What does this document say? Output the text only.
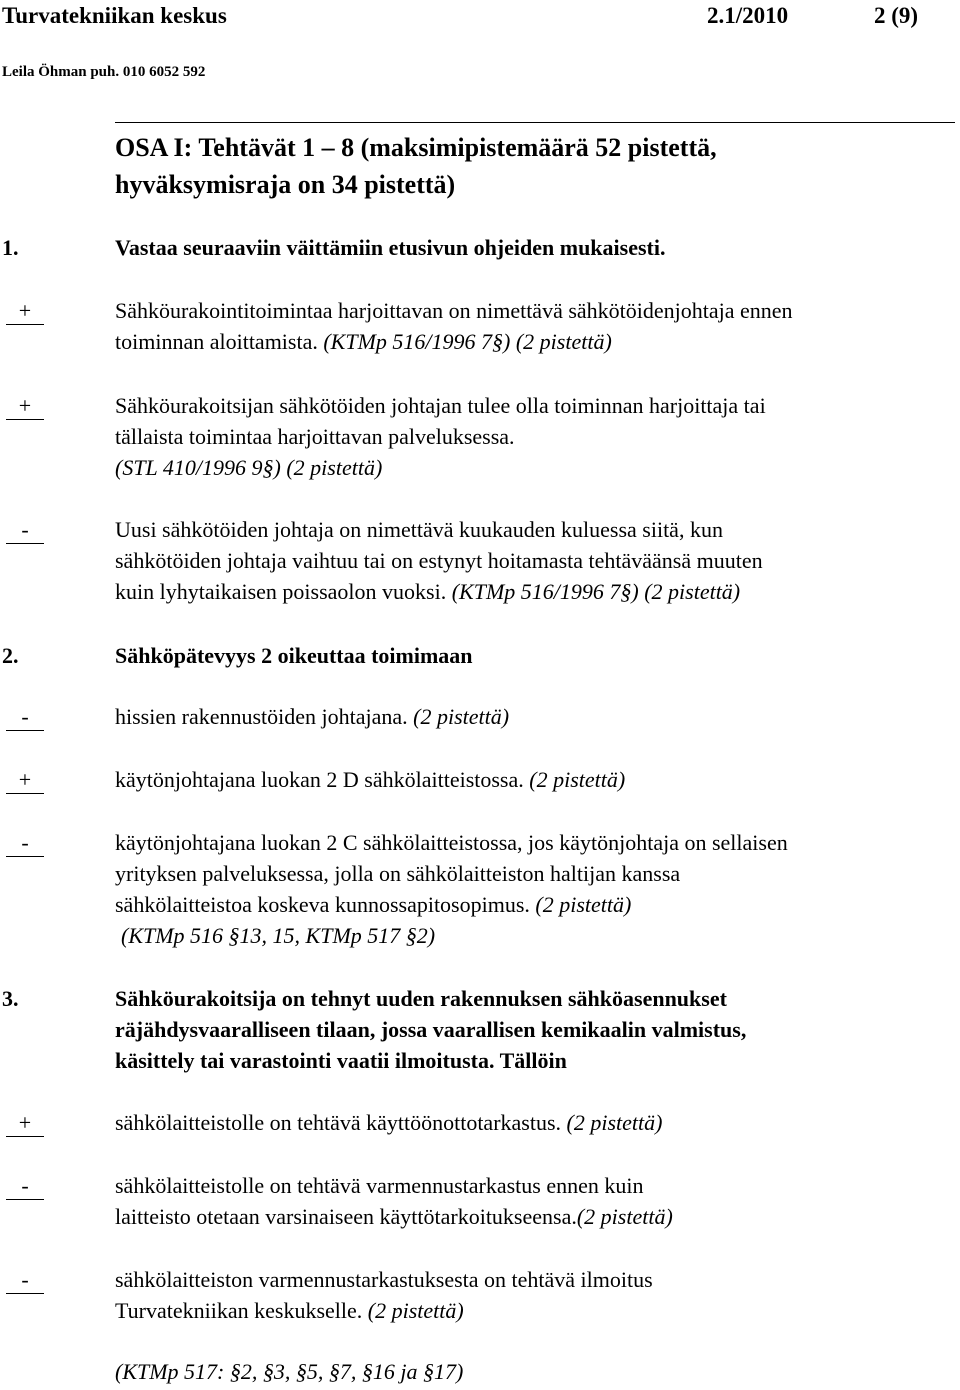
Turvatekniikan keskus	2.1/2010	2 (9)
Leila Öhman puh. 010 6052 592
OSA I: Tehtävät 1 – 8 (maksimipistemäärä 52 pistettä,
hyväksymisraja on 34 pistettä)
1.	Vastaa seuraaviin väittämiin etusivun ohjeiden mukaisesti.
+	Sähköurakointitoimintaa harjoittavan on nimettävä sähkötöidenjohtaja ennen
toiminnan aloittamista. (KTMp 516/1996 7§) (2 pistettä)
+	Sähköurakoitsijan sähkötöiden johtajan tulee olla toiminnan harjoittaja tai
tällaista toimintaa harjoittavan palveluksessa.
(STL 410/1996 9§) (2 pistettä)
-	Uusi sähkötöiden johtaja on nimettävä kuukauden kuluessa siitä, kun
sähkötöiden johtaja vaihtuu tai on estynyt hoitamasta tehtäväänsä muuten
kuin lyhytaikaisen poissaolon vuoksi. (KTMp 516/1996 7§) (2 pistettä)
2.	Sähköpätevyys 2 oikeuttaa toimimaan
-	hissien rakennustöiden johtajana. (2 pistettä)
+	käytönjohtajana luokan 2 D sähkölaitteistossa. (2 pistettä)
-	käytönjohtajana luokan 2 C sähkölaitteistossa, jos käytönjohtaja on sellaisen
yrityksen palveluksessa, jolla on sähkölaitteiston haltijan kanssa
sähkölaitteistoa koskeva kunnossapitosopimus. (2 pistettä)
(KTMp 516 §13, 15, KTMp 517 §2)
3.	Sähköurakoitsija on tehnyt uuden rakennuksen sähköasennukset
räjähdysvaaralliseen tilaan, jossa vaarallisen kemikaalin valmistus,
käsittely tai varastointi vaatii ilmoitusta. Tällöin
+	sähkölaitteistolle on tehtävä käyttöönottotarkastus. (2 pistettä)
-	sähkölaitteistolle on tehtävä varmennustarkastus ennen kuin
laitteisto otetaan varsinaiseen käyttötarkoitukseensa.(2 pistettä)
-	sähkölaitteiston varmennustarkastuksesta on tehtävä ilmoitus
Turvatekniikan keskukselle. (2 pistettä)
(KTMp 517: §2, §3, §5, §7, §16 ja §17)
